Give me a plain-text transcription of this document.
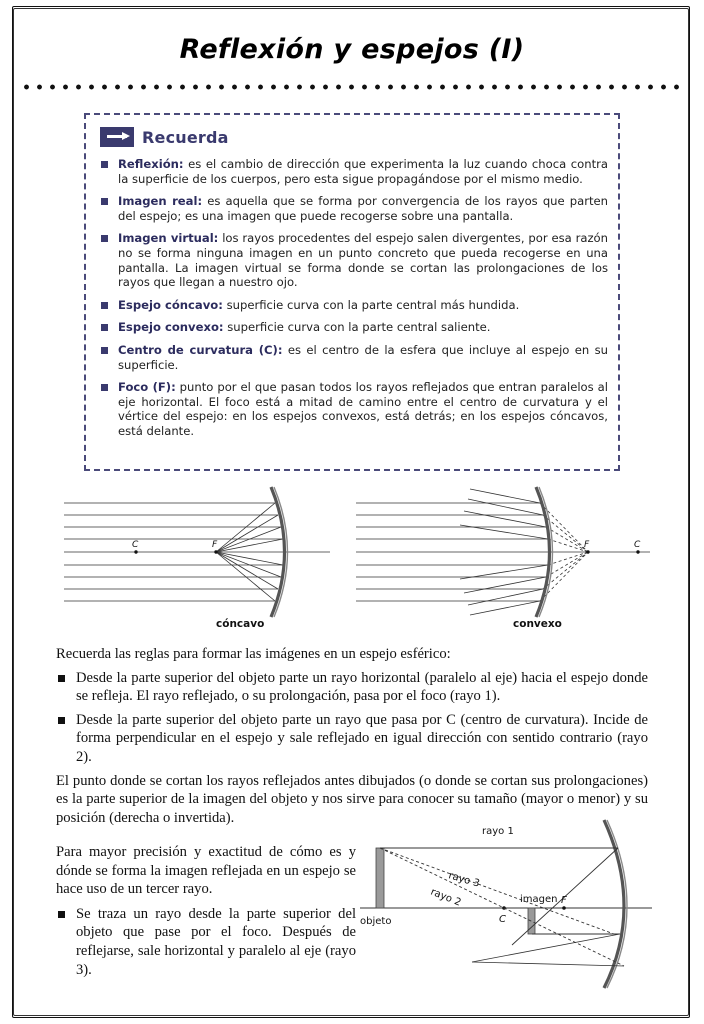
Reflexión y espejos (I)
Recuerda
Reflexión: es el cambio de dirección que experimenta la luz cuando choca contra la superficie de los cuerpos, pero esta sigue propagándose por el mismo medio.
Imagen real: es aquella que se forma por convergencia de los rayos que parten del espejo; es una imagen que puede recogerse sobre una pantalla.
Imagen virtual: los rayos procedentes del espejo salen divergentes, por esa razón no se forma ninguna imagen en un punto concreto que pueda recogerse en una pantalla. La imagen virtual se forma donde se cortan las prolongaciones de los rayos que llegan a nuestro ojo.
Espejo cóncavo: superficie curva con la parte central más hundida.
Espejo convexo: superficie curva con la parte central saliente.
Centro de curvatura (C): es el centro de la esfera que incluye al espejo en su superficie.
Foco (F): punto por el que pasan todos los rayos reflejados que entran paralelos al eje horizontal. El foco está a mitad de camino entre el centro de curvatura y el vértice del espejo: en los espejos convexos, está detrás; en los espejos cóncavos, está delante.
C	F	F	C
cóncavo	convexo

Recuerda las reglas para formar las imágenes en un espejo esférico:

Desde la parte superior del objeto parte un rayo horizontal (paralelo al eje) hacia el espejo donde se refleja. El rayo reflejado, o su prolongación, pasa por el foco (rayo 1).
Desde la parte superior del objeto parte un rayo que pasa por C (centro de curvatura). Incide de forma perpendicular en el espejo y sale reflejado en igual dirección con sentido contrario (rayo 2).

El punto donde se cortan los rayos reflejados antes dibujados (o donde se cortan sus prolongaciones) es la parte superior de la imagen del objeto y nos sirve para conocer su tamaño (mayor o menor) y su posición (derecha o invertida).

Para mayor precisión y exactitud de cómo es y dónde se forma la imagen reflejada en un espejo se hace uso de un tercer rayo.

Se traza un rayo desde la parte superior del objeto que pase por el foco. Después de reflejarse, sale horizontal y paralelo al eje (rayo 3).
rayo 1
rayo 3
rayo 2
objeto
imagen
C
F
